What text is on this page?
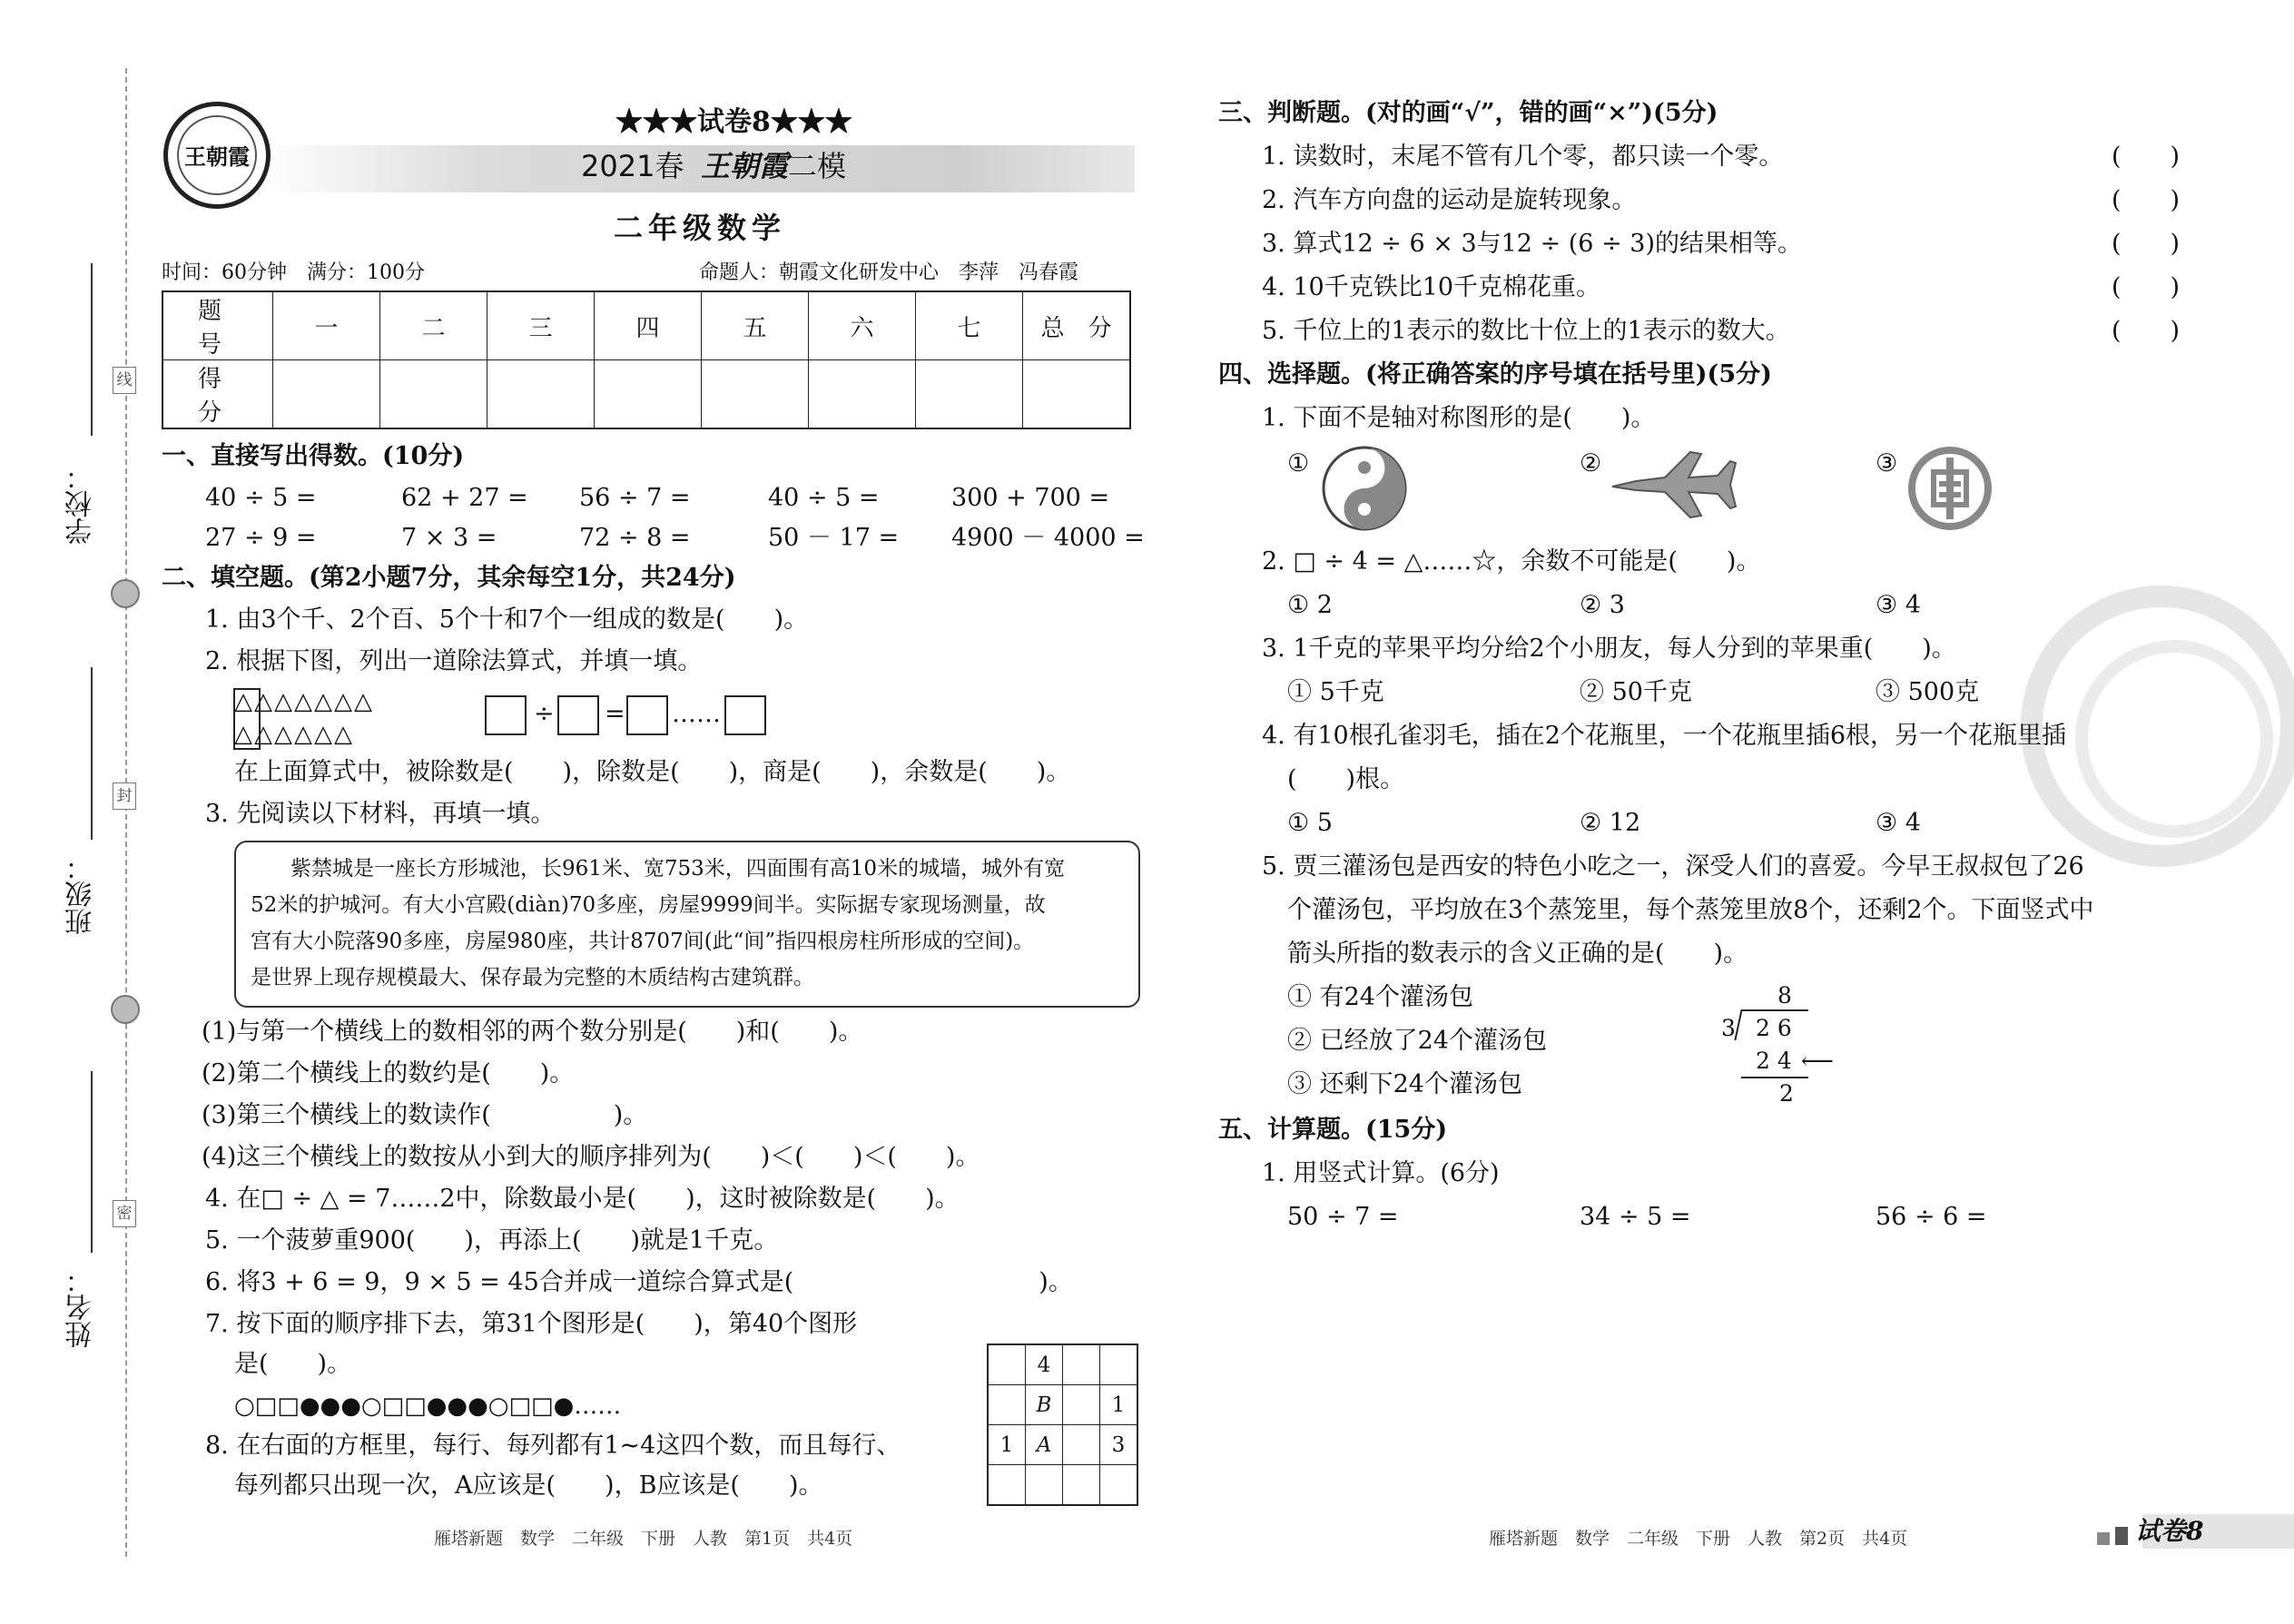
学校：
班级：
姓名：
线
封
密
王朝霞
★★★试卷8★★★
2021春 王朝霞 二模
二年级数学
时间：60分钟　满分：100分	命题人：朝霞文化研发中心　李萍　冯春霞
题　号	一	二	三	四	五	六	七	总　分
得　分								
一、直接写出得数。(10分)
40 ÷ 5 =	62 + 27 = 56 ÷ 7 =	40 ÷ 5 =	300 + 700 =
27 ÷ 9 =	7 × 3 =	72 ÷ 8 =	50 － 17 = 4900 － 4000 =
二、填空题。(第2小题7分，其余每空1分，共24分)
1. 由3个千、2个百、5个十和7个一组成的数是(　　)。
2. 根据下图，列出一道除法算式，并填一填。
△△△△△△△
△△△△△△
÷ = ……
在上面算式中，被除数是(　　)，除数是(　　)，商是(　　)，余数是(　　)。
3. 先阅读以下材料，再填一填。
紫禁城是一座长方形城池，长961米、宽753米，四面围有高10米的城墙，城外有宽
52米的护城河。有大小宫殿(diàn)70多座，房屋9999间半。实际据专家现场测量，故
宫有大小院落90多座，房屋980座，共计8707间(此“间”指四根房柱所形成的空间)。
是世界上现存规模最大、保存最为完整的木质结构古建筑群。
(1)与第一个横线上的数相邻的两个数分别是(　　)和(　　)。
(2)第二个横线上的数约是(　　)。
(3)第三个横线上的数读作(　　　　　)。
(4)这三个横线上的数按从小到大的顺序排列为(　　)＜(　　)＜(　　)。
4. 在□ ÷ △ = 7……2中，除数最小是(　　)，这时被除数是(　　)。
5. 一个菠萝重900(　　)，再添上(　　)就是1千克。
6. 将3 + 6 = 9，9 × 5 = 45合并成一道综合算式是(　　　　　　　　　　)。
7. 按下面的顺序排下去，第31个图形是(　　)，第40个图形
是(　　)。
○□□●●●○□□●●●○□□●……
8. 在右面的方框里，每行、每列都有1~4这四个数，而且每行、
每列都只出现一次，A应该是(　　)，B应该是(　　)。
	4		
	B		1
1	A		3

雁塔新题　数学　二年级　下册　人教　第1页　共4页
三、判断题。(对的画“√”，错的画“×”)(5分)
1. 读数时，末尾不管有几个零，都只读一个零。
2. 汽车方向盘的运动是旋转现象。
3. 算式12 ÷ 6 × 3与12 ÷ (6 ÷ 3)的结果相等。
4. 10千克铁比10千克棉花重。
5. 千位上的1表示的数比十位上的1表示的数大。
(　　)
(　　)
(　　)
(　　)
(　　)
四、选择题。(将正确答案的序号填在括号里)(5分)
1. 下面不是轴对称图形的是(　　)。
①	②	③
2. □ ÷ 4 = △……☆，余数不可能是(　　)。
① 2	② 3	③ 4
3. 1千克的苹果平均分给2个小朋友，每人分到的苹果重(　　)。
① 5千克	② 50千克	③ 500克
4. 有10根孔雀羽毛，插在2个花瓶里，一个花瓶里插6根，另一个花瓶里插
(　　)根。
① 5	② 12	③ 4
5. 贾三灌汤包是西安的特色小吃之一，深受人们的喜爱。今早王叔叔包了26
个灌汤包，平均放在3个蒸笼里，每个蒸笼里放8个，还剩2个。下面竖式中
箭头所指的数表示的含义正确的是(　　)。
① 有24个灌汤包
② 已经放了24个灌汤包
③ 还剩下24个灌汤包
8
3 2 6
2 4 ⟵
2
五、计算题。(15分)
1. 用竖式计算。(6分)
50 ÷ 7 =	34 ÷ 5 =	56 ÷ 6 =
雁塔新题　数学　二年级　下册　人教　第2页　共4页	试卷8
